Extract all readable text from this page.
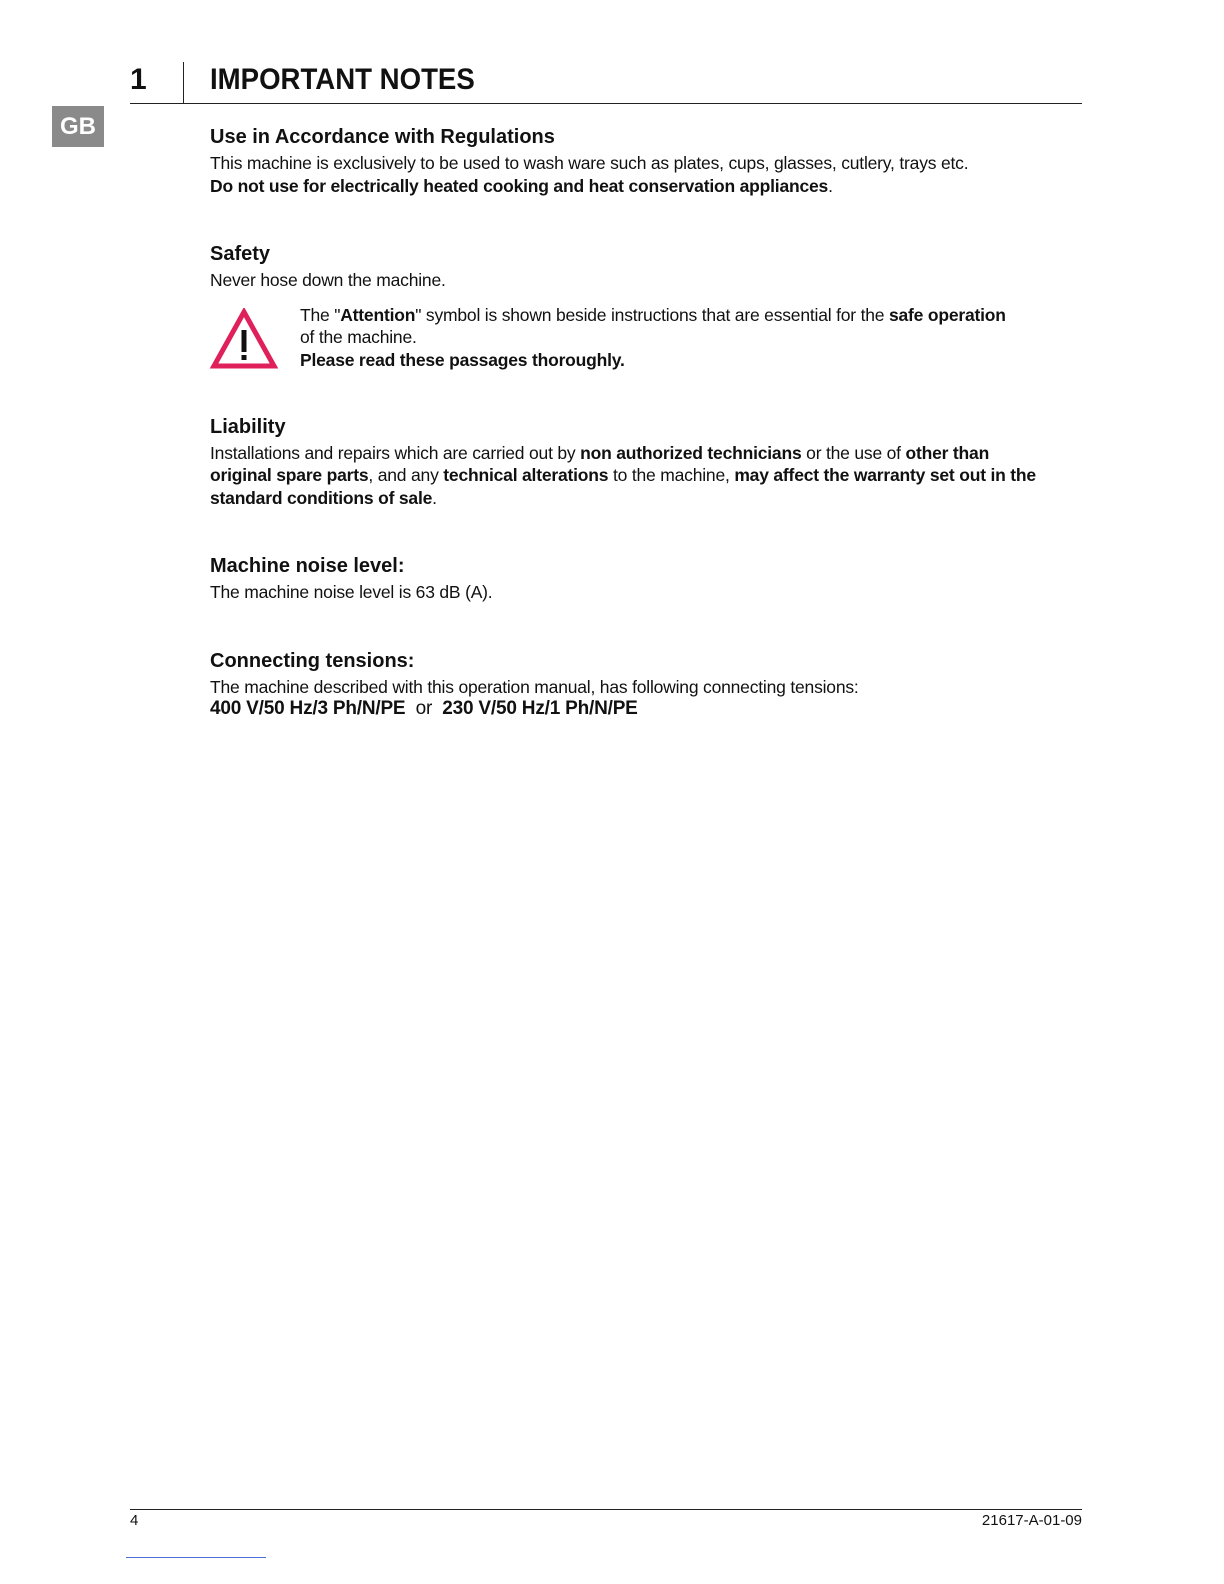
1 IMPORTANT NOTES
GB	Use in Accordance with Regulations

This machine is exclusively to be used to wash ware such as plates, cups, glasses, cutlery, trays etc.
Do not use for electrically heated cooking and heat conservation appliances.

Safety

Never hose down the machine.

The "Attention" symbol is shown beside instructions that are essential for the safe operation
of the machine.
Please read these passages thoroughly.

Liability

Installations and repairs which are carried out by non authorized technicians or the use of other than original spare parts, and any technical alterations to the machine, may affect the warranty set out in the standard conditions of sale.

Machine noise level:

The machine noise level is 63 dB (A).

Connecting tensions:

The machine described with this operation manual, has following connecting tensions:

400 V/50 Hz/3 Ph/N/PE or 230 V/50 Hz/1 Ph/N/PE

4	21617-A-01-09
